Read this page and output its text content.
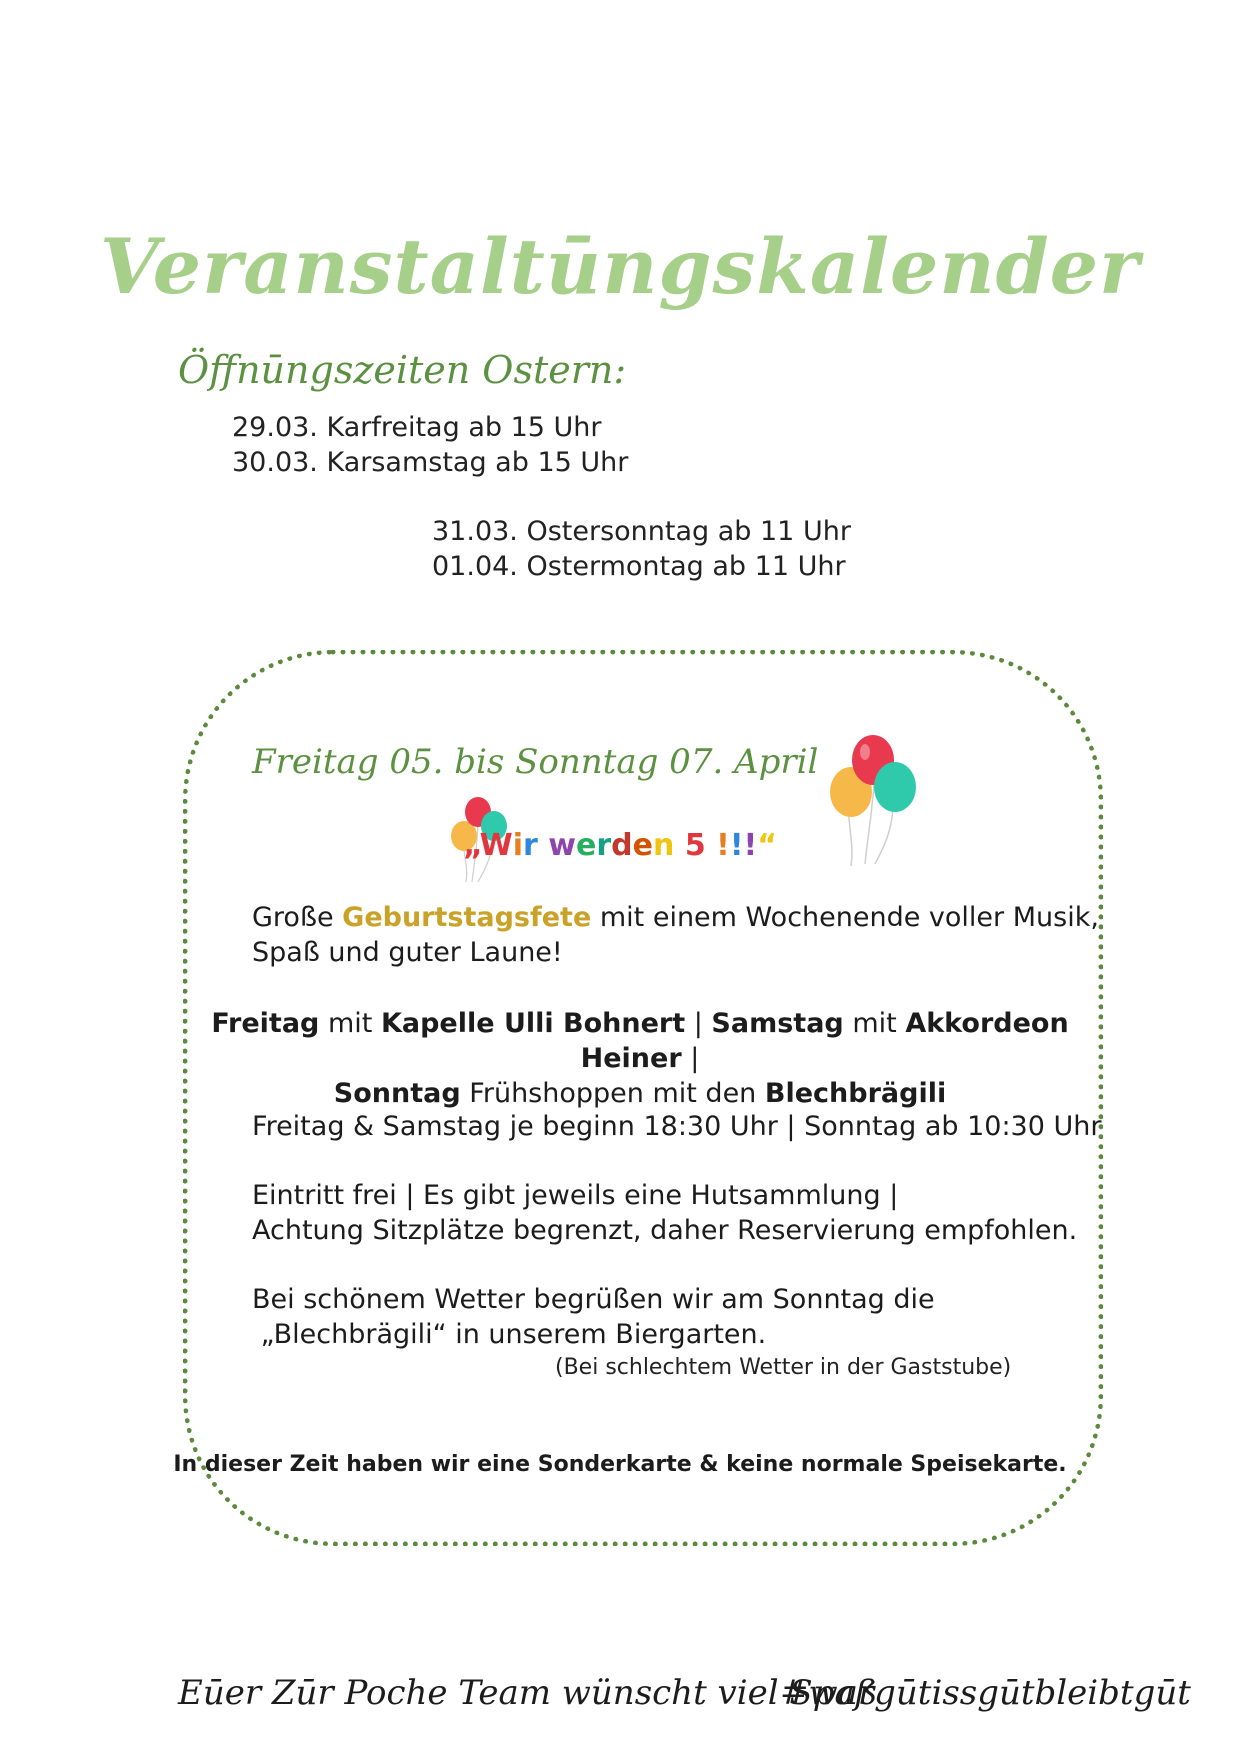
Veranstaltūngskalender
Öffnūngszeiten Ostern:
29.03. Karfreitag ab 15 Uhr
30.03. Karsamstag ab 15 Uhr
31.03. Ostersonntag ab 11 Uhr
01.04. Ostermontag ab 11 Uhr
Freitag 05. bis Sonntag 07. April
„Wir werden 5 !!!“
Große Geburtstagsfete mit einem Wochenende voller Musik,
Spaß und guter Laune!
Freitag mit Kapelle Ulli Bohnert | Samstag mit Akkordeon Heiner |
Sonntag Frühshoppen mit den Blechbrägili
Freitag & Samstag je beginn 18:30 Uhr | Sonntag ab 10:30 Uhr
Eintritt frei | Es gibt jeweils eine Hutsammlung |
Achtung Sitzplätze begrenzt, daher Reservierung empfohlen.
Bei schönem Wetter begrüßen wir am Sonntag die
„Blechbrägili“ in unserem Biergarten.
(Bei schlechtem Wetter in der Gaststube)
In dieser Zeit haben wir eine Sonderkarte & keine normale Speisekarte.
Eūer Zūr Poche Team wünscht viel Spaß
#wargūtissgūtbleibtgūt
